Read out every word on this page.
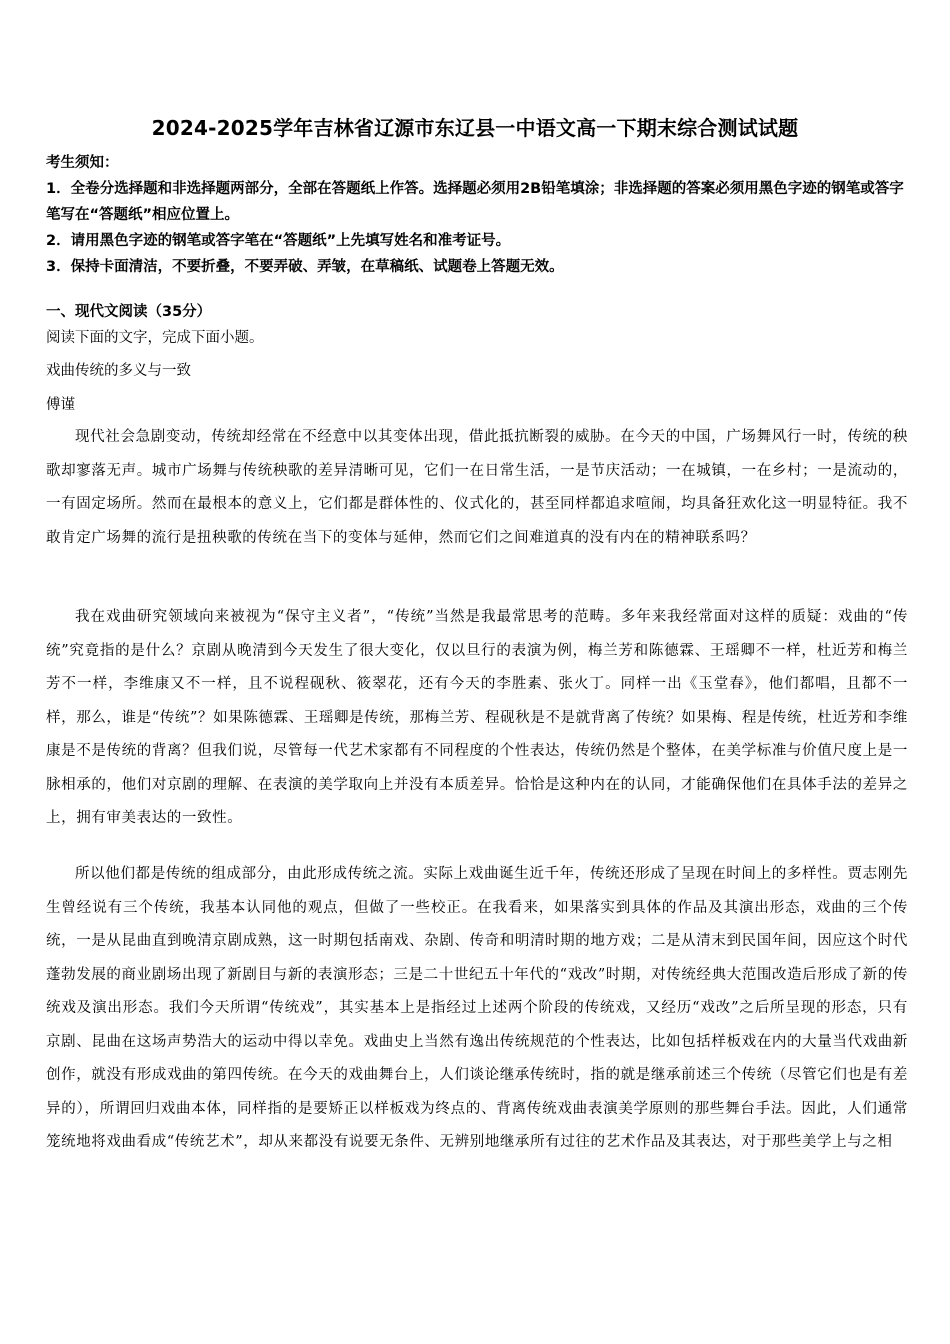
2024-2025学年吉林省辽源市东辽县一中语文高一下期末综合测试试题

考生须知：

1．全卷分选择题和非选择题两部分，全部在答题纸上作答。选择题必须用2B铅笔填涂；非选择题的答案必须用黑色字迹的钢笔或答字笔写在“答题纸”相应位置上。

2．请用黑色字迹的钢笔或答字笔在“答题纸”上先填写姓名和准考证号。

3．保持卡面清洁，不要折叠，不要弄破、弄皱，在草稿纸、试题卷上答题无效。

一、现代文阅读（35分）
阅读下面的文字，完成下面小题。
戏曲传统的多义与一致
傅谨

现代社会急剧变动，传统却经常在不经意中以其变体出现，借此抵抗断裂的威胁。在今天的中国，广场舞风行一时，传统的秧歌却寥落无声。城市广场舞与传统秧歌的差异清晰可见，它们一在日常生活，一是节庆活动；一在城镇，一在乡村；一是流动的，一有固定场所。然而在最根本的意义上，它们都是群体性的、仪式化的，甚至同样都追求喧闹，均具备狂欢化这一明显特征。我不敢肯定广场舞的流行是扭秧歌的传统在当下的变体与延伸，然而它们之间难道真的没有内在的精神联系吗？

我在戏曲研究领域向来被视为“保守主义者”，“传统”当然是我最常思考的范畴。多年来我经常面对这样的质疑：戏曲的“传统”究竟指的是什么？京剧从晚清到今天发生了很大变化，仅以旦行的表演为例，梅兰芳和陈德霖、王瑶卿不一样，杜近芳和梅兰芳不一样，李维康又不一样，且不说程砚秋、筱翠花，还有今天的李胜素、张火丁。同样一出《玉堂春》，他们都唱，且都不一样，那么，谁是“传统”？如果陈德霖、王瑶卿是传统，那梅兰芳、程砚秋是不是就背离了传统？如果梅、程是传统，杜近芳和李维康是不是传统的背离？但我们说，尽管每一代艺术家都有不同程度的个性表达，传统仍然是个整体，在美学标准与价值尺度上是一脉相承的，他们对京剧的理解、在表演的美学取向上并没有本质差异。恰恰是这种内在的认同，才能确保他们在具体手法的差异之上，拥有审美表达的一致性。

所以他们都是传统的组成部分，由此形成传统之流。实际上戏曲诞生近千年，传统还形成了呈现在时间上的多样性。贾志刚先生曾经说有三个传统，我基本认同他的观点，但做了一些校正。在我看来，如果落实到具体的作品及其演出形态，戏曲的三个传统，一是从昆曲直到晚清京剧成熟，这一时期包括南戏、杂剧、传奇和明清时期的地方戏；二是从清末到民国年间，因应这个时代蓬勃发展的商业剧场出现了新剧目与新的表演形态；三是二十世纪五十年代的“戏改”时期，对传统经典大范围改造后形成了新的传统戏及演出形态。我们今天所谓“传统戏”，其实基本上是指经过上述两个阶段的传统戏，又经历“戏改”之后所呈现的形态，只有京剧、昆曲在这场声势浩大的运动中得以幸免。戏曲史上当然有逸出传统规范的个性表达，比如包括样板戏在内的大量当代戏曲新创作，就没有形成戏曲的第四传统。在今天的戏曲舞台上，人们谈论继承传统时，指的就是继承前述三个传统（尽管它们也是有差异的），所谓回归戏曲本体，同样指的是要矫正以样板戏为终点的、背离传统戏曲表演美学原则的那些舞台手法。因此，人们通常笼统地将戏曲看成“传统艺术”，却从来都没有说要无条件、无辨别地继承所有过往的艺术作品及其表达，对于那些美学上与之相
